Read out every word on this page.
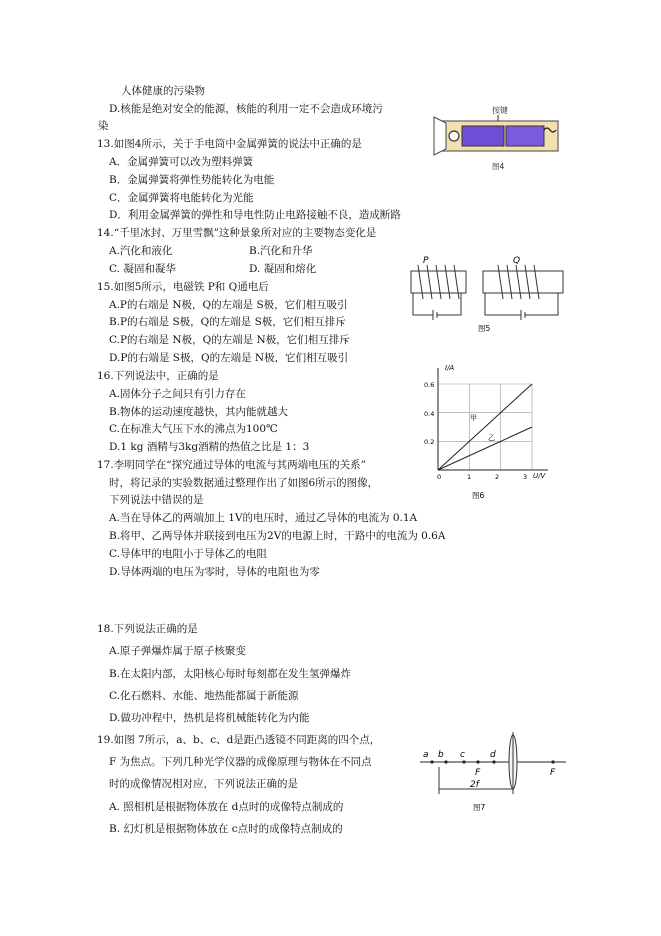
人体健康的污染物
D.核能是绝对安全的能源，核能的利用一定不会造成环境污
染
13.如图4所示，关于手电筒中金属弹簧的说法中正确的是
A．金属弹簧可以改为塑料弹簧
B．金属弹簧将弹性势能转化为电能
C．金属弹簧将电能转化为光能
D．利用金属弹簧的弹性和导电性防止电路接触不良，造成断路
14.“千里冰封、万里雪飘”这种景象所对应的主要物态变化是
A.汽化和液化	B.汽化和升华
C. 凝固和凝华	D. 凝固和熔化
15.如图5所示，电磁铁 P和 Q通电后
A.P的右端是 N极，Q的左端是 S极，它们相互吸引
B.P的右端是 S极，Q的左端是 S极，它们相互排斥
C.P的右端是 N极，Q的左端是 N极，它们相互排斥
D.P的右端是 S极，Q的左端是 N极，它们相互吸引
16.下列说法中，正确的是
A.固体分子之间只有引力存在
B.物体的运动速度越快，其内能就越大
C.在标准大气压下水的沸点为100℃
D.1 kg 酒精与3kg酒精的热值之比是 1：3
17.李明同学在“探究通过导体的电流与其两端电压的关系”
时，将记录的实验数据通过整理作出了如图6所示的图像，
下列说法中错误的是
A.当在导体乙的两端加上 1V的电压时，通过乙导体的电流为 0.1A
B.将甲、乙两导体并联接到电压为2V的电源上时，干路中的电流为 0.6A
C.导体甲的电阻小于导体乙的电阻
D.导体两端的电压为零时，导体的电阻也为零
18.下列说法正确的是
A.原子弹爆炸属于原子核聚变
B.在太阳内部，太阳核心每时每刻都在发生氢弹爆炸
C.化石燃料、水能、地热能都属于新能源
D.做功冲程中，热机是将机械能转化为内能
19.如图 7所示，a、b、c、d是距凸透镜不同距离的四个点，
F 为焦点。下列几种光学仪器的成像原理与物体在不同点
时的成像情况相对应，下列说法正确的是
A. 照相机是根据物体放在 d点时的成像特点制成的
B. 幻灯机是根据物体放在 c点时的成像特点制成的
按键
图4
P	Q
图5
I/A
U/V
0.6
0.4
0.2
0	1	2	3
甲
乙
图6
a b c	d
F	F
2f
图7
